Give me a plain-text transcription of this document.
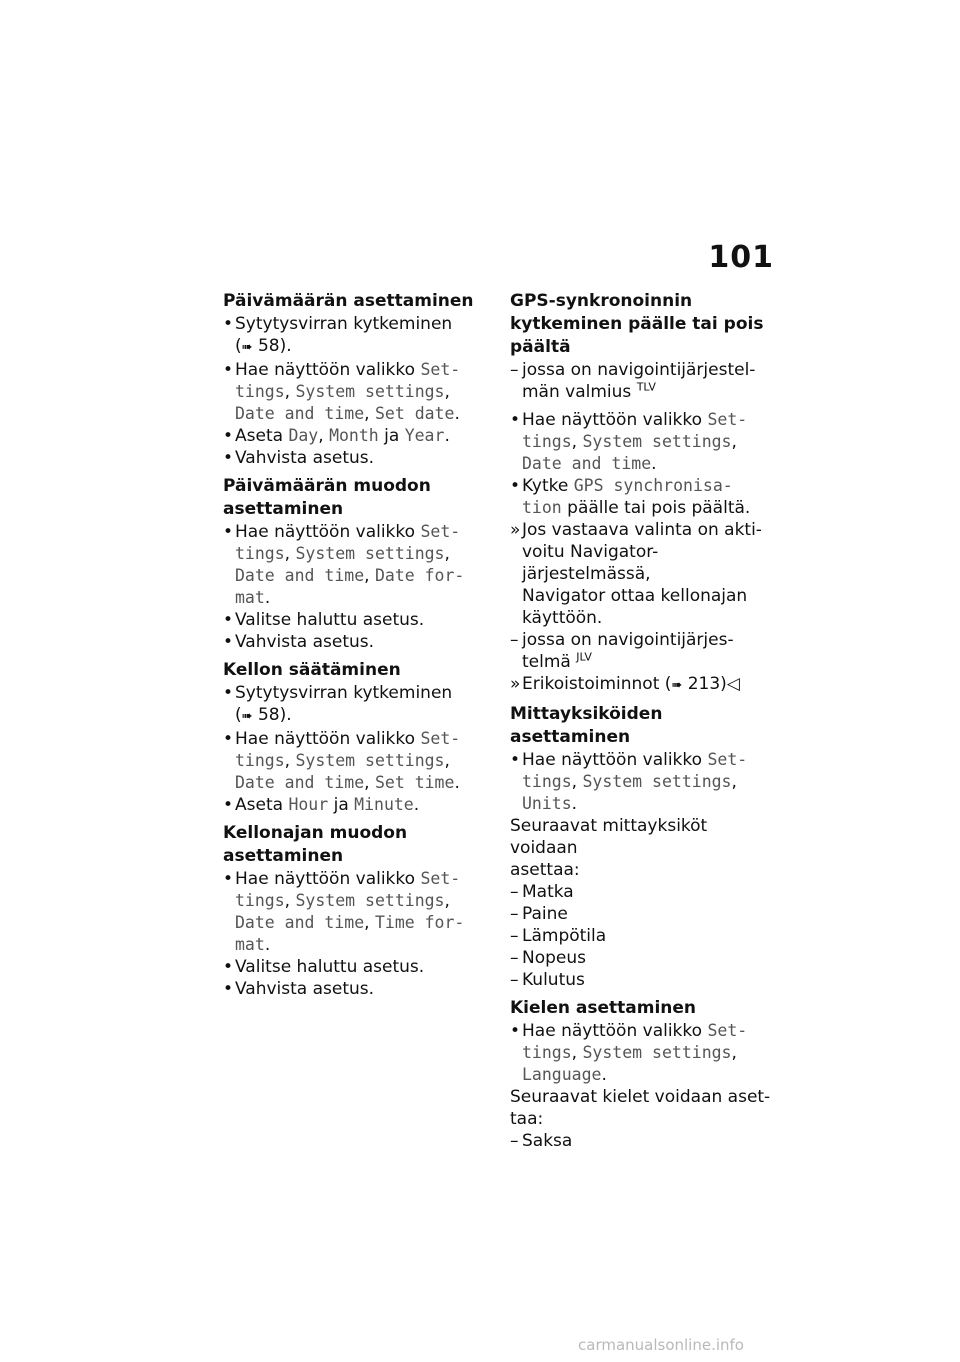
101
Päivämäärän asettaminen
• Sytytysvirran kytkeminen
(➠ 58).
• Hae näyttöön valikko Set-
tings, System settings,
Date and time, Set date.
• Aseta Day, Month ja Year.
• Vahvista asetus.
Päivämäärän muodon
asettaminen
• Hae näyttöön valikko Set-
tings, System settings,
Date and time, Date for-
mat.
• Valitse haluttu asetus.
• Vahvista asetus.
Kellon säätäminen
• Sytytysvirran kytkeminen
(➠ 58).
• Hae näyttöön valikko Set-
tings, System settings,
Date and time, Set time.
• Aseta Hour ja Minute.
Kellonajan muodon
asettaminen
• Hae näyttöön valikko Set-
tings, System settings,
Date and time, Time for-
mat.
• Valitse haluttu asetus.
• Vahvista asetus.
GPS-synkronoinnin
kytkeminen päälle tai pois
päältä
– jossa on navigointijärjestel-
män valmius $^{TLV}$
• Hae näyttöön valikko Set-
tings, System settings,
Date and time.
• Kytke GPS synchronisa-
tion päälle tai pois päältä.
» Jos vastaava valinta on akti-
voitu Navigator-järjestelmässä,
Navigator ottaa kellonajan
käyttöön.
– jossa on navigointijärjes-
telmä $^{JLV}$
» Erikoistoiminnot (➠ 213)◁
Mittayksiköiden asettaminen
• Hae näyttöön valikko Set-
tings, System settings,
Units.
Seuraavat mittayksiköt voidaan
asettaa:
– Matka
– Paine
– Lämpötila
– Nopeus
– Kulutus
Kielen asettaminen
• Hae näyttöön valikko Set-
tings, System settings,
Language.
Seuraavat kielet voidaan aset-
taa:
– Saksa
carmanualsonline.info
